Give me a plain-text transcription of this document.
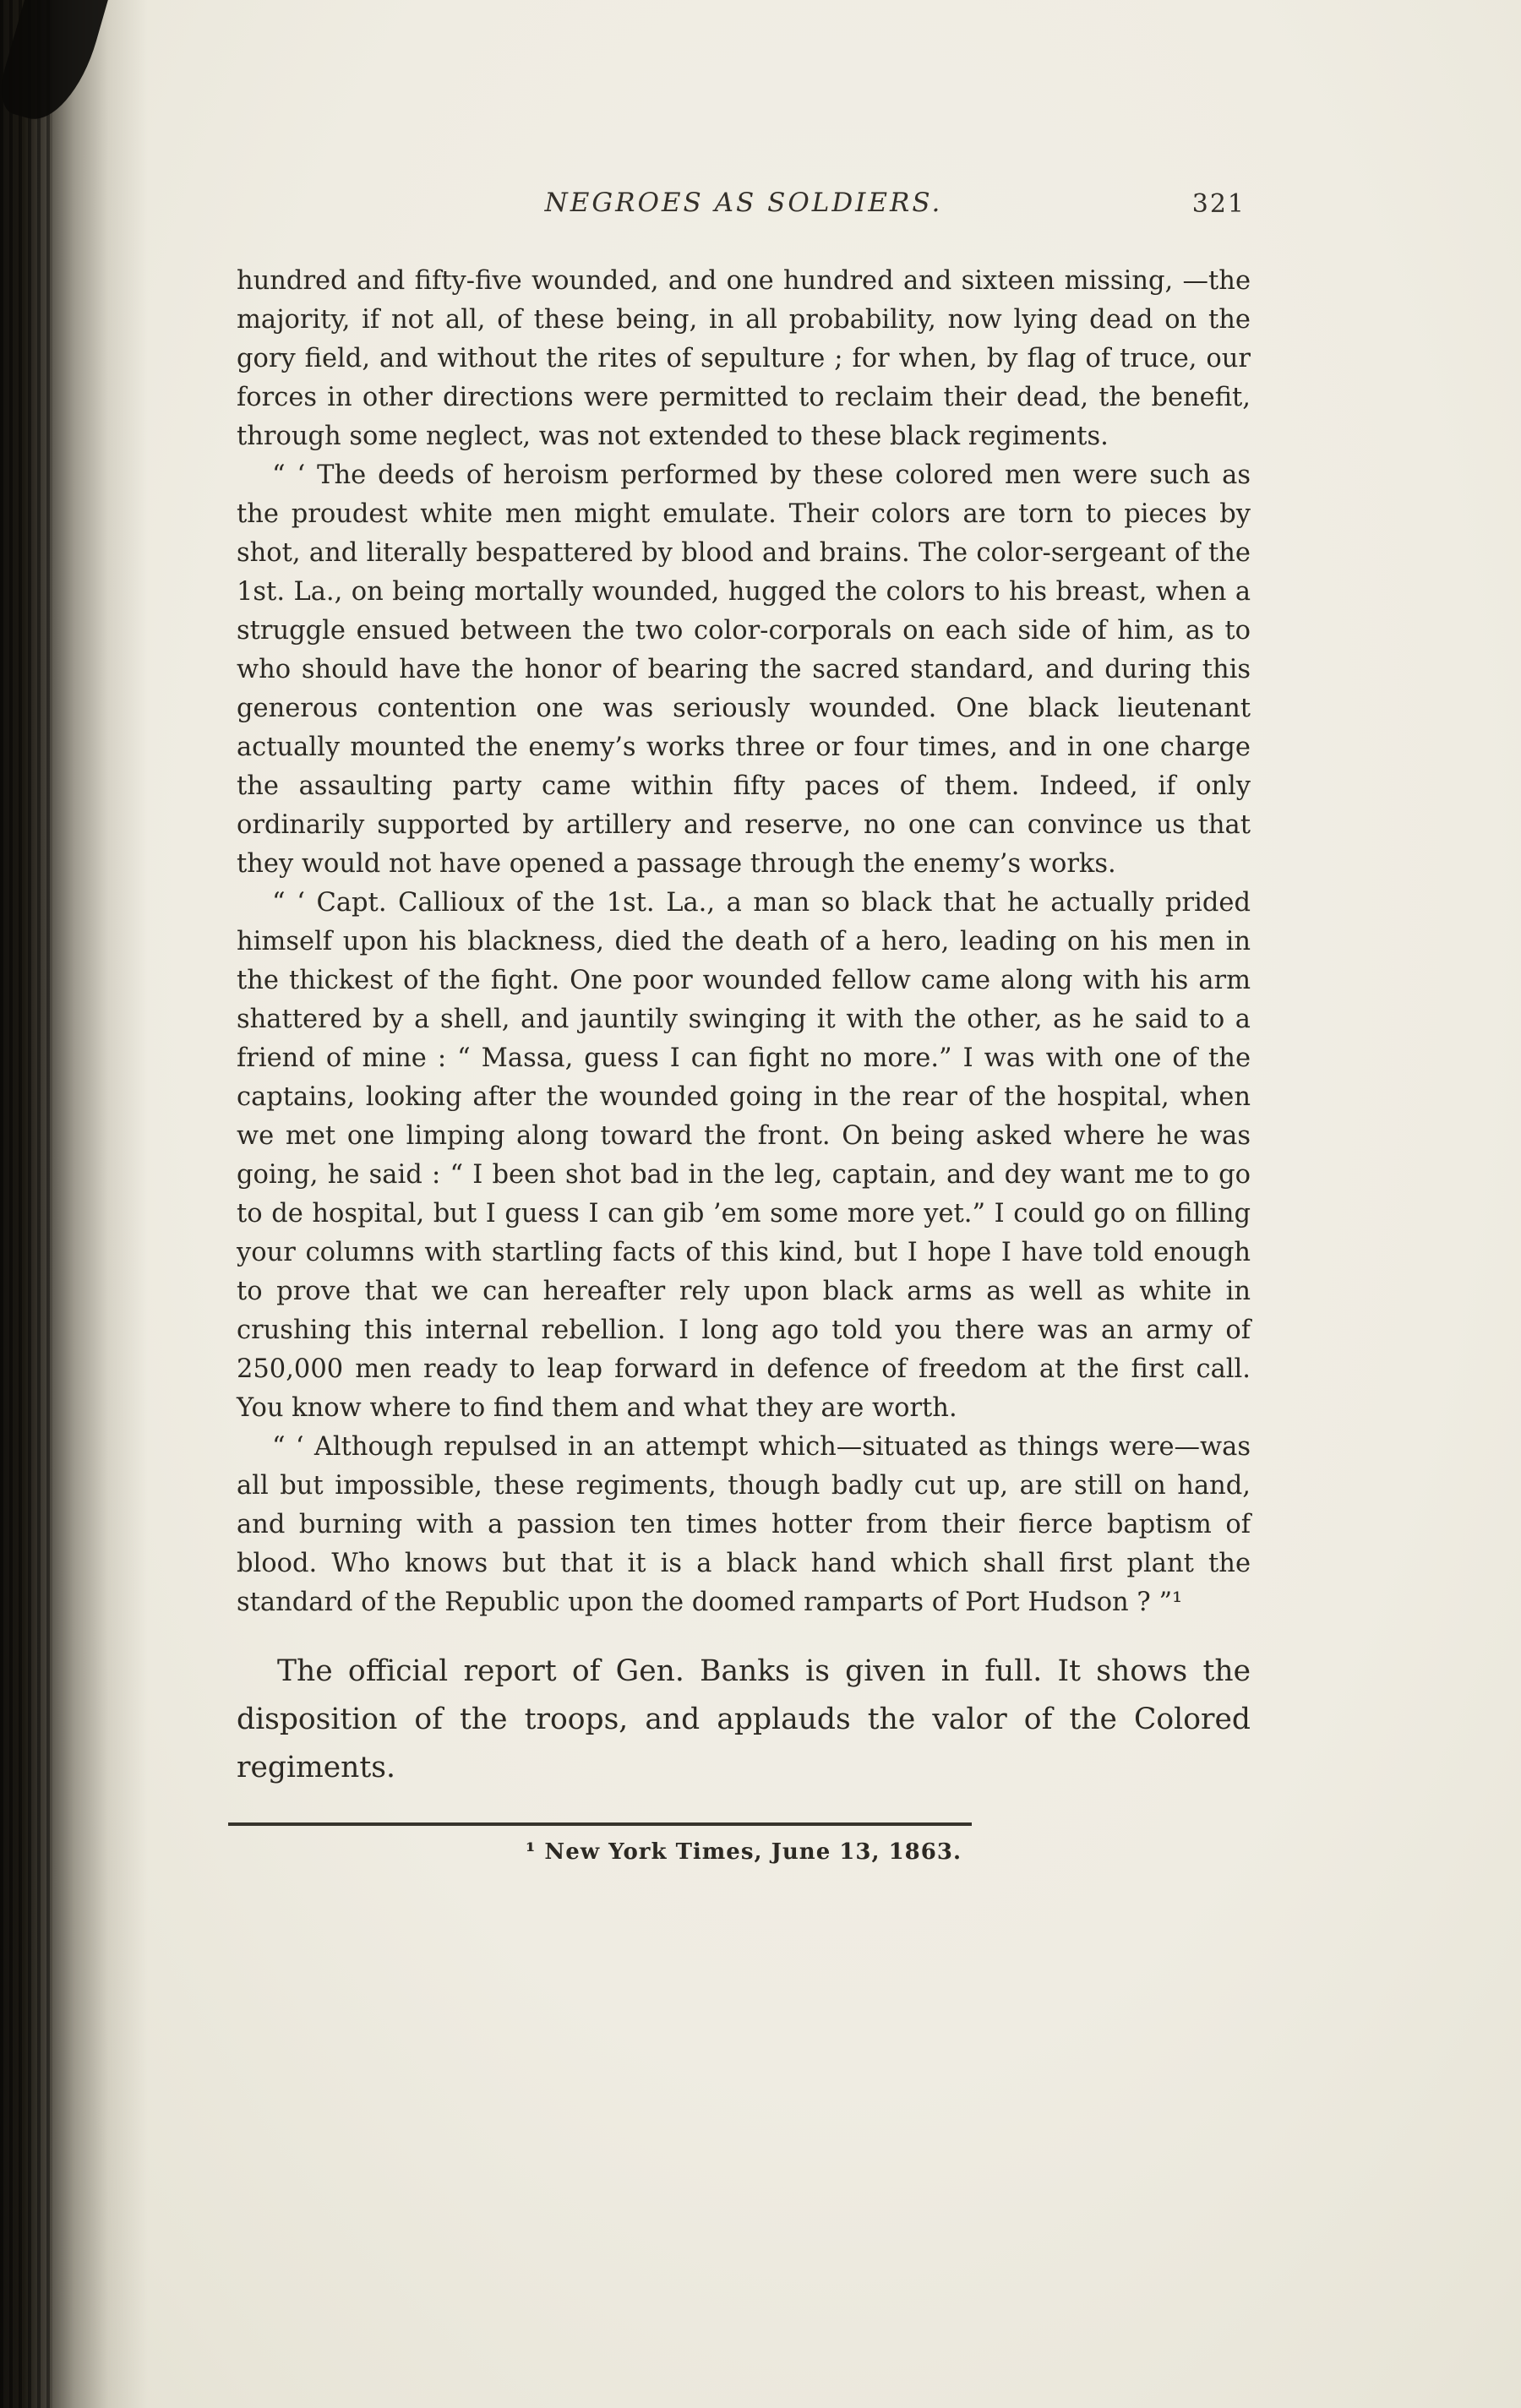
NEGROES AS SOLDIERS.	321

hundred and fifty-five wounded, and one hundred and sixteen missing, —the majority, if not all, of these being, in all probability, now lying dead on the gory field, and without the rites of sepulture ; for when, by flag of truce, our forces in other directions were permitted to reclaim their dead, the benefit, through some neglect, was not extended to these black regiments.

“ ‘ The deeds of heroism performed by these colored men were such as the proudest white men might emulate. Their colors are torn to pieces by shot, and literally bespattered by blood and brains. The color-sergeant of the 1st. La., on being mortally wounded, hugged the colors to his breast, when a struggle ensued between the two color-corporals on each side of him, as to who should have the honor of bearing the sacred standard, and during this generous contention one was seriously wounded. One black lieutenant actually mounted the enemy’s works three or four times, and in one charge the assaulting party came within fifty paces of them. Indeed, if only ordinarily supported by artillery and reserve, no one can convince us that they would not have opened a passage through the enemy’s works.

“ ‘ Capt. Callioux of the 1st. La., a man so black that he actually prided himself upon his blackness, died the death of a hero, leading on his men in the thickest of the fight. One poor wounded fellow came along with his arm shattered by a shell, and jauntily swinging it with the other, as he said to a friend of mine : “ Massa, guess I can fight no more.” I was with one of the captains, looking after the wounded going in the rear of the hospital, when we met one limping along toward the front. On being asked where he was going, he said : “ I been shot bad in the leg, captain, and dey want me to go to de hospital, but I guess I can gib ’em some more yet.” I could go on filling your columns with startling facts of this kind, but I hope I have told enough to prove that we can hereafter rely upon black arms as well as white in crushing this internal rebellion. I long ago told you there was an army of 250,000 men ready to leap forward in defence of freedom at the first call. You know where to find them and what they are worth.

“ ‘ Although repulsed in an attempt which—situated as things were—was all but impossible, these regiments, though badly cut up, are still on hand, and burning with a passion ten times hotter from their fierce baptism of blood. Who knows but that it is a black hand which shall first plant the standard of the Republic upon the doomed ramparts of Port Hudson ? ”¹

The official report of Gen. Banks is given in full. It shows the disposition of the troops, and applauds the valor of the Colored regiments.

¹ New York Times, June 13, 1863.
